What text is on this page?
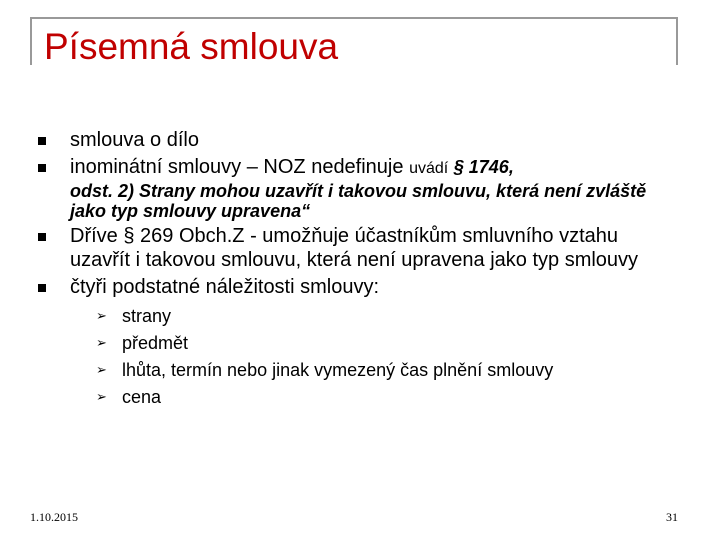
Písemná smlouva
smlouva o dílo
inominátní smlouvy – NOZ nedefinuje uvádí § 1746,
odst. 2) Strany mohou uzavřít i takovou smlouvu, která není zvláště jako typ smlouvy upravena“
Dříve § 269 Obch.Z - umožňuje účastníkům smluvního vztahu uzavřít i takovou smlouvu, která není upravena jako typ smlouvy
čtyři podstatné náležitosti smlouvy:
➢ strany
➢ předmět
➢ lhůta, termín nebo jinak vymezený čas plnění smlouvy
➢ cena
1.10.2015	31
